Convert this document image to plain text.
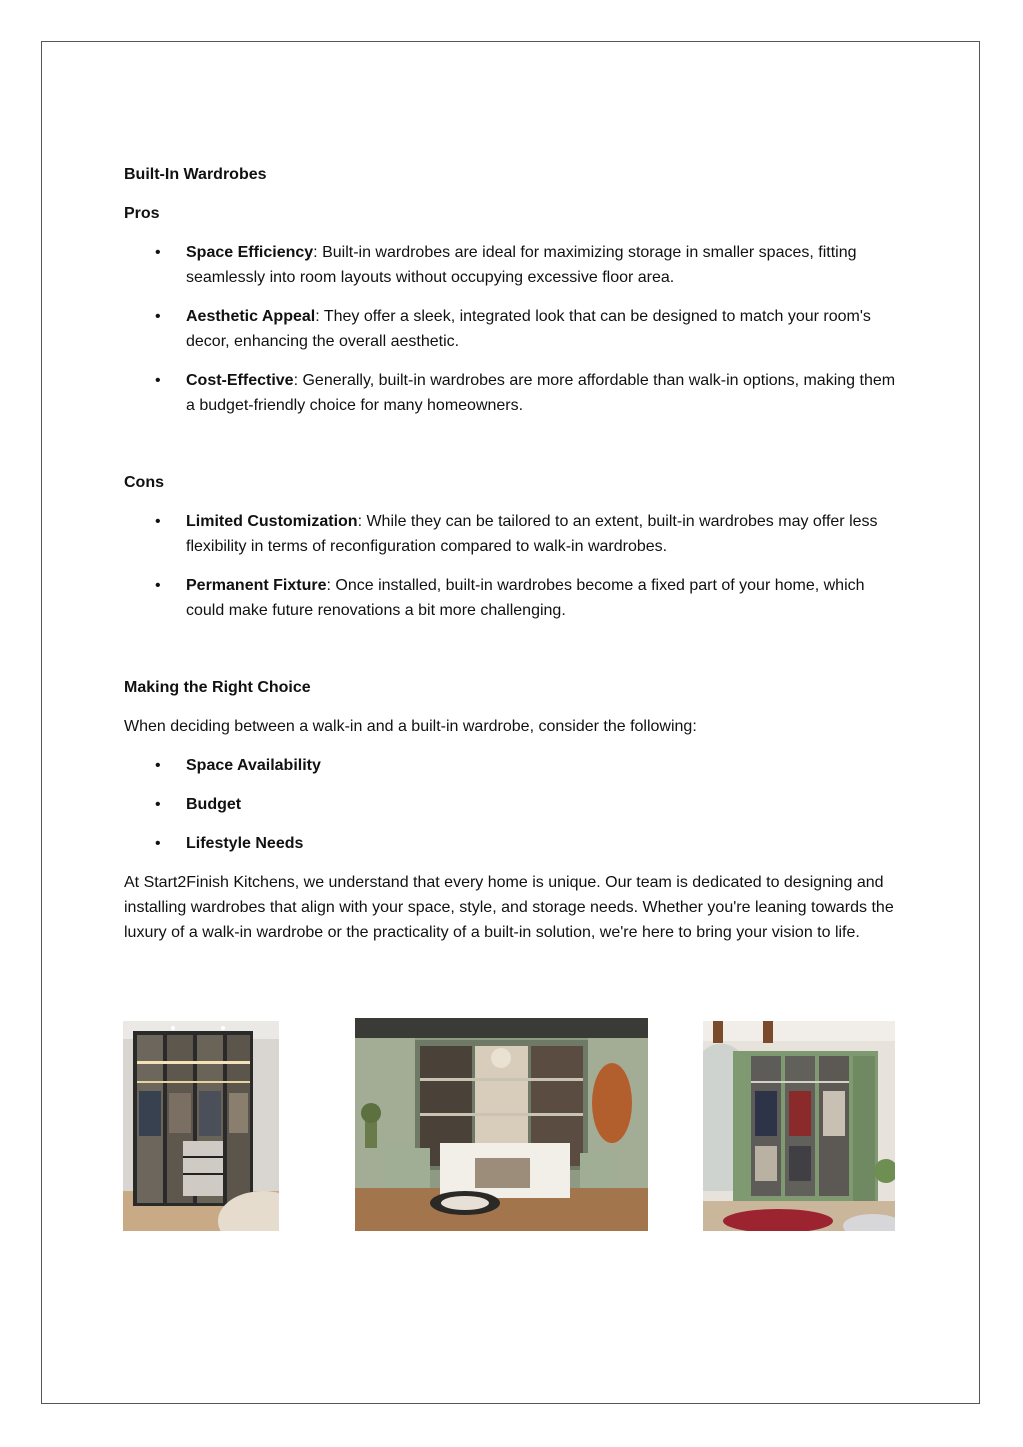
Built-In Wardrobes

Pros

• Space Efficiency: Built-in wardrobes are ideal for maximizing storage in smaller spaces, fitting seamlessly into room layouts without occupying excessive floor area.
• Aesthetic Appeal: They offer a sleek, integrated look that can be designed to match your room's decor, enhancing the overall aesthetic.
• Cost-Effective: Generally, built-in wardrobes are more affordable than walk-in options, making them a budget-friendly choice for many homeowners.

Cons

• Limited Customization: While they can be tailored to an extent, built-in wardrobes may offer less flexibility in terms of reconfiguration compared to walk-in wardrobes.
• Permanent Fixture: Once installed, built-in wardrobes become a fixed part of your home, which could make future renovations a bit more challenging.

Making the Right Choice

When deciding between a walk-in and a built-in wardrobe, consider the following:

• Space Availability
• Budget
• Lifestyle Needs

At Start2Finish Kitchens, we understand that every home is unique. Our team is dedicated to designing and installing wardrobes that align with your space, style, and storage needs. Whether you're leaning towards the luxury of a walk-in wardrobe or the practicality of a built-in solution, we're here to bring your vision to life.
